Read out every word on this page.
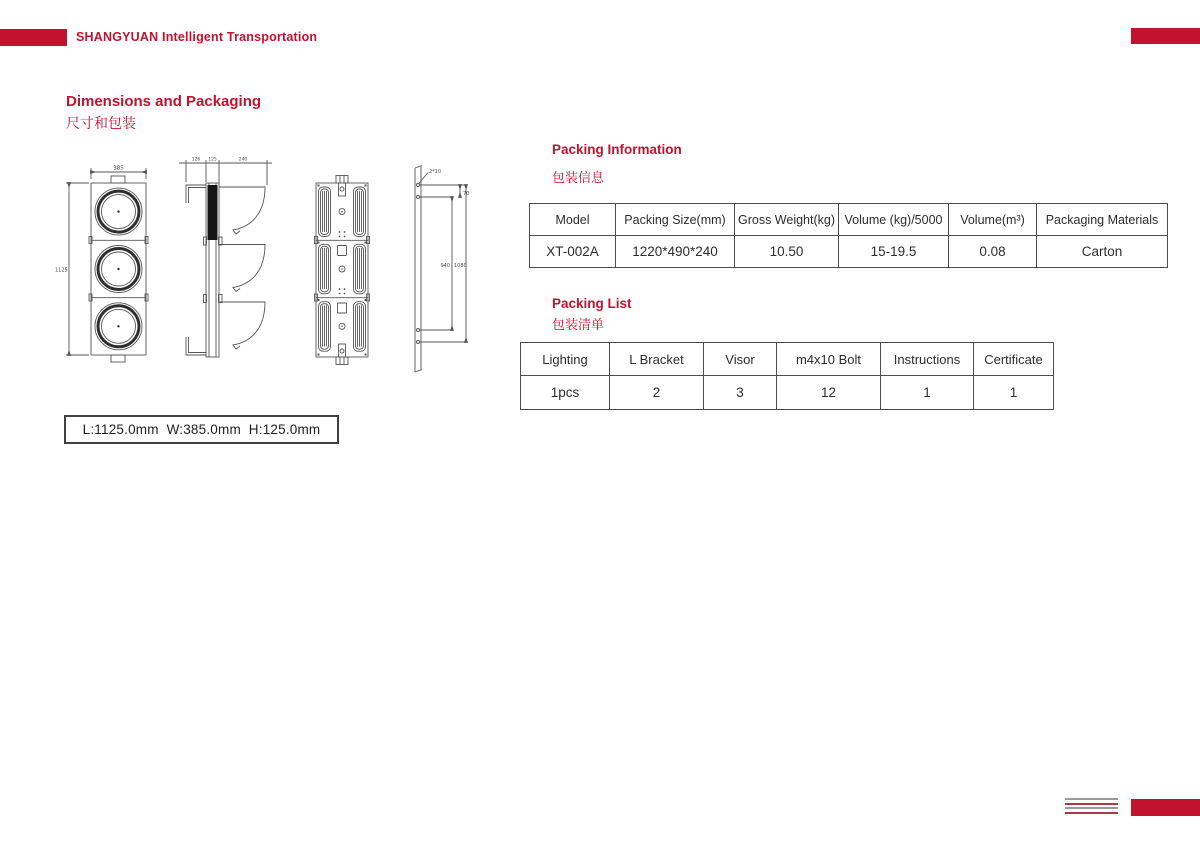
SHANGYUAN Intelligent Transportation
Dimensions and Packaging
尺寸和包装
385
1125
126 125	240
2*10
70
940 1080
L:1125.0mm  W:385.0mm  H:125.0mm
Packing Information
包装信息
Model	Packing Size(mm)	Gross Weight(kg)	Volume (kg)/5000	Volume(m³)	Packaging Materials
XT-002A	1220*490*240	10.50	15-19.5	0.08	Carton
Packing List
包装清单
Lighting	L Bracket	Visor	m4x10 Bolt	Instructions	Certificate
1pcs	2	3	12	1	1
